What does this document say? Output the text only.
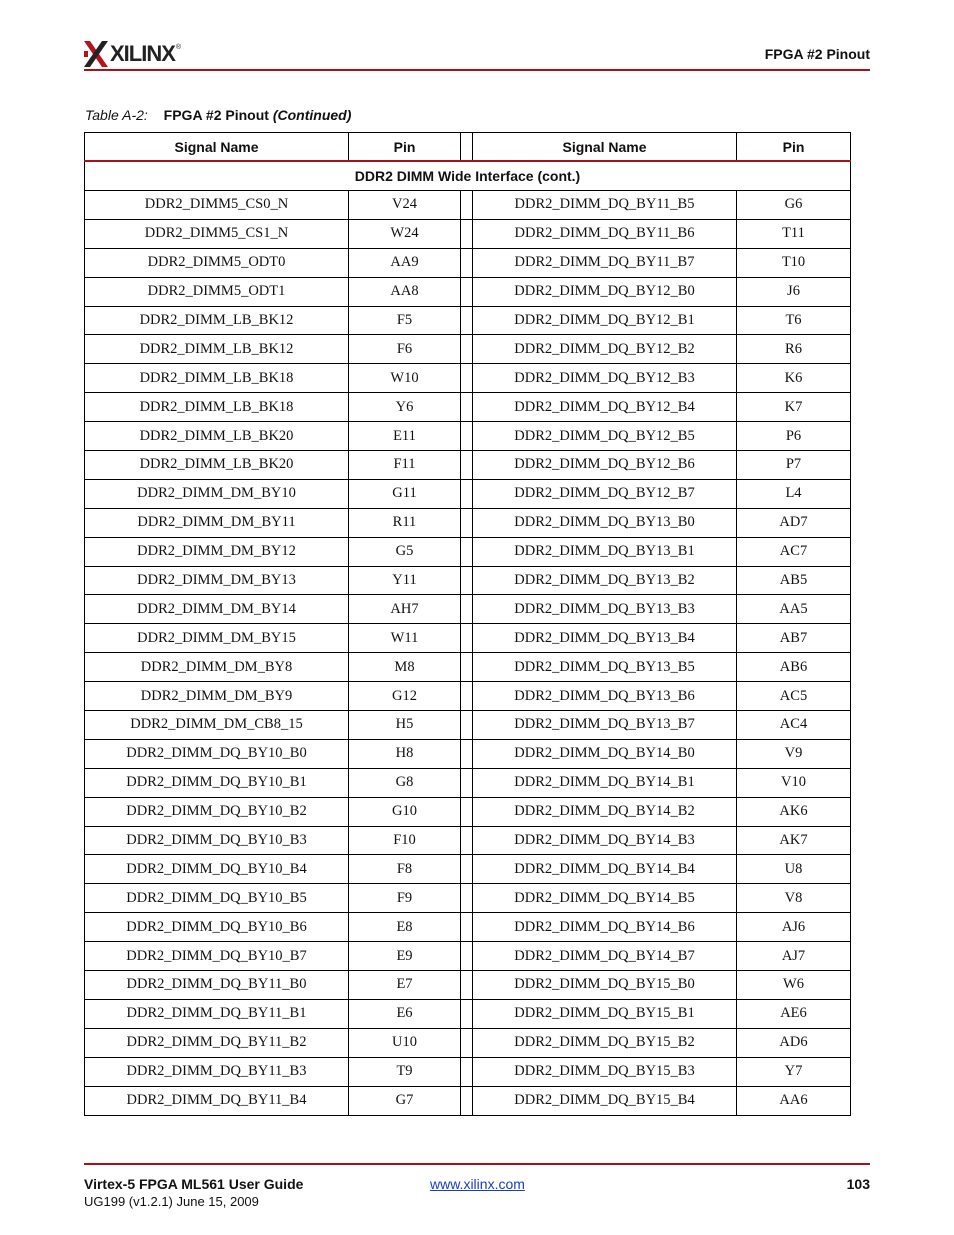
XILINX ®	FPGA #2 Pinout
Table A-2: FPGA #2 Pinout (Continued)
Signal Name	Pin		Signal Name	Pin
DDR2 DIMM Wide Interface (cont.)				
DDR2_DIMM5_CS0_N	V24		DDR2_DIMM_DQ_BY11_B5	G6
DDR2_DIMM5_CS1_N	W24		DDR2_DIMM_DQ_BY11_B6	T11
DDR2_DIMM5_ODT0	AA9		DDR2_DIMM_DQ_BY11_B7	T10
DDR2_DIMM5_ODT1	AA8		DDR2_DIMM_DQ_BY12_B0	J6
DDR2_DIMM_LB_BK12	F5		DDR2_DIMM_DQ_BY12_B1	T6
DDR2_DIMM_LB_BK12	F6		DDR2_DIMM_DQ_BY12_B2	R6
DDR2_DIMM_LB_BK18	W10		DDR2_DIMM_DQ_BY12_B3	K6
DDR2_DIMM_LB_BK18	Y6		DDR2_DIMM_DQ_BY12_B4	K7
DDR2_DIMM_LB_BK20	E11		DDR2_DIMM_DQ_BY12_B5	P6
DDR2_DIMM_LB_BK20	F11		DDR2_DIMM_DQ_BY12_B6	P7
DDR2_DIMM_DM_BY10	G11		DDR2_DIMM_DQ_BY12_B7	L4
DDR2_DIMM_DM_BY11	R11		DDR2_DIMM_DQ_BY13_B0	AD7
DDR2_DIMM_DM_BY12	G5		DDR2_DIMM_DQ_BY13_B1	AC7
DDR2_DIMM_DM_BY13	Y11		DDR2_DIMM_DQ_BY13_B2	AB5
DDR2_DIMM_DM_BY14	AH7		DDR2_DIMM_DQ_BY13_B3	AA5
DDR2_DIMM_DM_BY15	W11		DDR2_DIMM_DQ_BY13_B4	AB7
DDR2_DIMM_DM_BY8	M8		DDR2_DIMM_DQ_BY13_B5	AB6
DDR2_DIMM_DM_BY9	G12		DDR2_DIMM_DQ_BY13_B6	AC5
DDR2_DIMM_DM_CB8_15	H5		DDR2_DIMM_DQ_BY13_B7	AC4
DDR2_DIMM_DQ_BY10_B0	H8		DDR2_DIMM_DQ_BY14_B0	V9
DDR2_DIMM_DQ_BY10_B1	G8		DDR2_DIMM_DQ_BY14_B1	V10
DDR2_DIMM_DQ_BY10_B2	G10		DDR2_DIMM_DQ_BY14_B2	AK6
DDR2_DIMM_DQ_BY10_B3	F10		DDR2_DIMM_DQ_BY14_B3	AK7
DDR2_DIMM_DQ_BY10_B4	F8		DDR2_DIMM_DQ_BY14_B4	U8
DDR2_DIMM_DQ_BY10_B5	F9		DDR2_DIMM_DQ_BY14_B5	V8
DDR2_DIMM_DQ_BY10_B6	E8		DDR2_DIMM_DQ_BY14_B6	AJ6
DDR2_DIMM_DQ_BY10_B7	E9		DDR2_DIMM_DQ_BY14_B7	AJ7
DDR2_DIMM_DQ_BY11_B0	E7		DDR2_DIMM_DQ_BY15_B0	W6
DDR2_DIMM_DQ_BY11_B1	E6		DDR2_DIMM_DQ_BY15_B1	AE6
DDR2_DIMM_DQ_BY11_B2	U10		DDR2_DIMM_DQ_BY15_B2	AD6
DDR2_DIMM_DQ_BY11_B3	T9		DDR2_DIMM_DQ_BY15_B3	Y7
DDR2_DIMM_DQ_BY11_B4	G7		DDR2_DIMM_DQ_BY15_B4	AA6
Virtex-5 FPGA ML561 User Guide
UG199 (v1.2.1) June 15, 2009
www.xilinx.com	103
